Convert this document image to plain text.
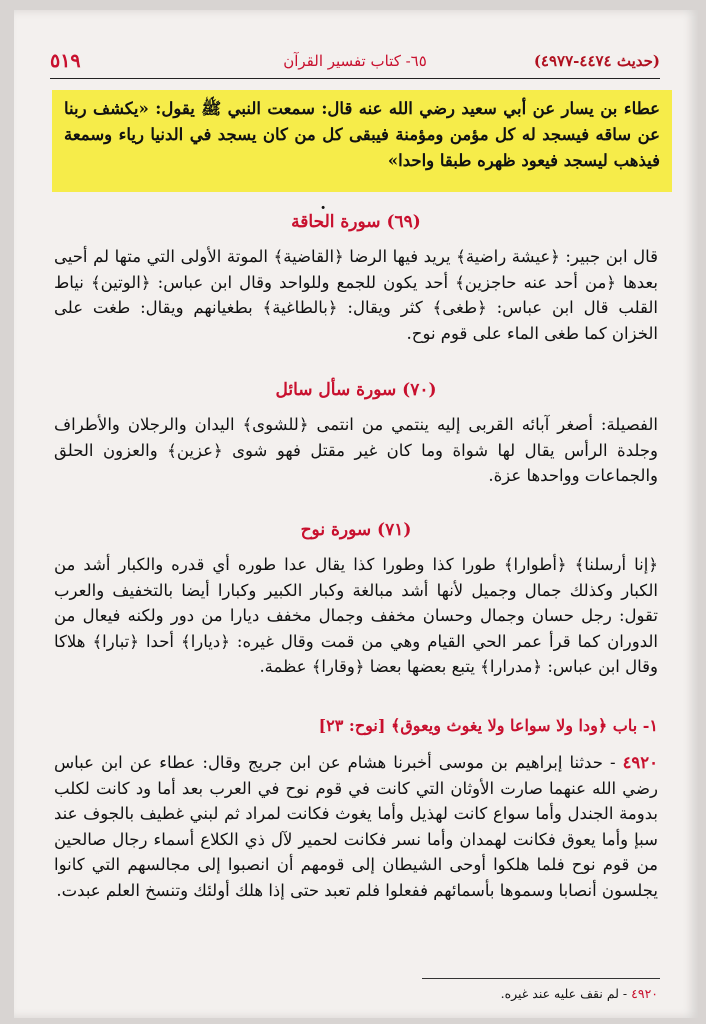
٥١٩	٦٥- كتاب تفسير القرآن	(حديث ٤٤٧٤-٤٩٧٧)
عطاء بن يسار عن أبي سعيد رضي الله عنه قال: سمعت النبي ﷺ يقول: «يكشف ربنا عن ساقه فيسجد له كل مؤمن ومؤمنة فيبقى كل من كان يسجد في الدنيا رياء وسمعة فيذهب ليسجد فيعود ظهره طبقا واحدا»
.
(٦٩) سورة الحاقة
قال ابن جبير: ﴿عيشة راضية﴾ يريد فيها الرضا ﴿القاضية﴾ الموتة الأولى التي متها لم أحيى بعدها ﴿من أحد عنه حاجزين﴾ أحد يكون للجمع وللواحد وقال ابن عباس: ﴿الوتين﴾ نياط القلب قال ابن عباس: ﴿طغى﴾ كثر ويقال: ﴿بالطاغية﴾ بطغيانهم ويقال: طغت على الخزان كما طغى الماء على قوم نوح.
(٧٠) سورة سأل سائل
الفصيلة: أصغر آبائه القربى إليه ينتمي من انتمى ﴿للشوى﴾ اليدان والرجلان والأطراف وجلدة الرأس يقال لها شواة وما كان غير مقتل فهو شوى ﴿عزين﴾ والعزون الحلق والجماعات وواحدها عزة.
(٧١) سورة نوح
﴿إنا أرسلنا﴾ ﴿أطوارا﴾ طورا كذا وطورا كذا يقال عدا طوره أي قدره والكبار أشد من الكبار وكذلك جمال وجميل لأنها أشد مبالغة وكبار الكبير وكبارا أيضا بالتخفيف والعرب تقول: رجل حسان وجمال وحسان مخفف وجمال مخفف ديارا من دور ولكنه فيعال من الدوران كما قرأ عمر الحي القيام وهي من قمت وقال غيره: ﴿ديارا﴾ أحدا ﴿تبارا﴾ هلاكا وقال ابن عباس: ﴿مدرارا﴾ يتبع بعضها بعضا ﴿وقارا﴾ عظمة.
١- باب ﴿ودا ولا سواعا ولا يغوث ويعوق﴾ [نوح: ٢٣]
٤٩٢٠ - حدثنا إبراهيم بن موسى أخبرنا هشام عن ابن جريج وقال: عطاء عن ابن عباس رضي الله عنهما صارت الأوثان التي كانت في قوم نوح في العرب بعد أما ود كانت لكلب بدومة الجندل وأما سواع كانت لهذيل وأما يغوث فكانت لمراد ثم لبني غطيف بالجوف عند سبإ وأما يعوق فكانت لهمدان وأما نسر فكانت لحمير لآل ذي الكلاع أسماء رجال صالحين من قوم نوح فلما هلكوا أوحى الشيطان إلى قومهم أن انصبوا إلى مجالسهم التي كانوا يجلسون أنصابا وسموها بأسمائهم ففعلوا فلم تعبد حتى إذا هلك أولئك وتنسخ العلم عبدت.
٤٩٢٠ - لم نقف عليه عند غيره.
